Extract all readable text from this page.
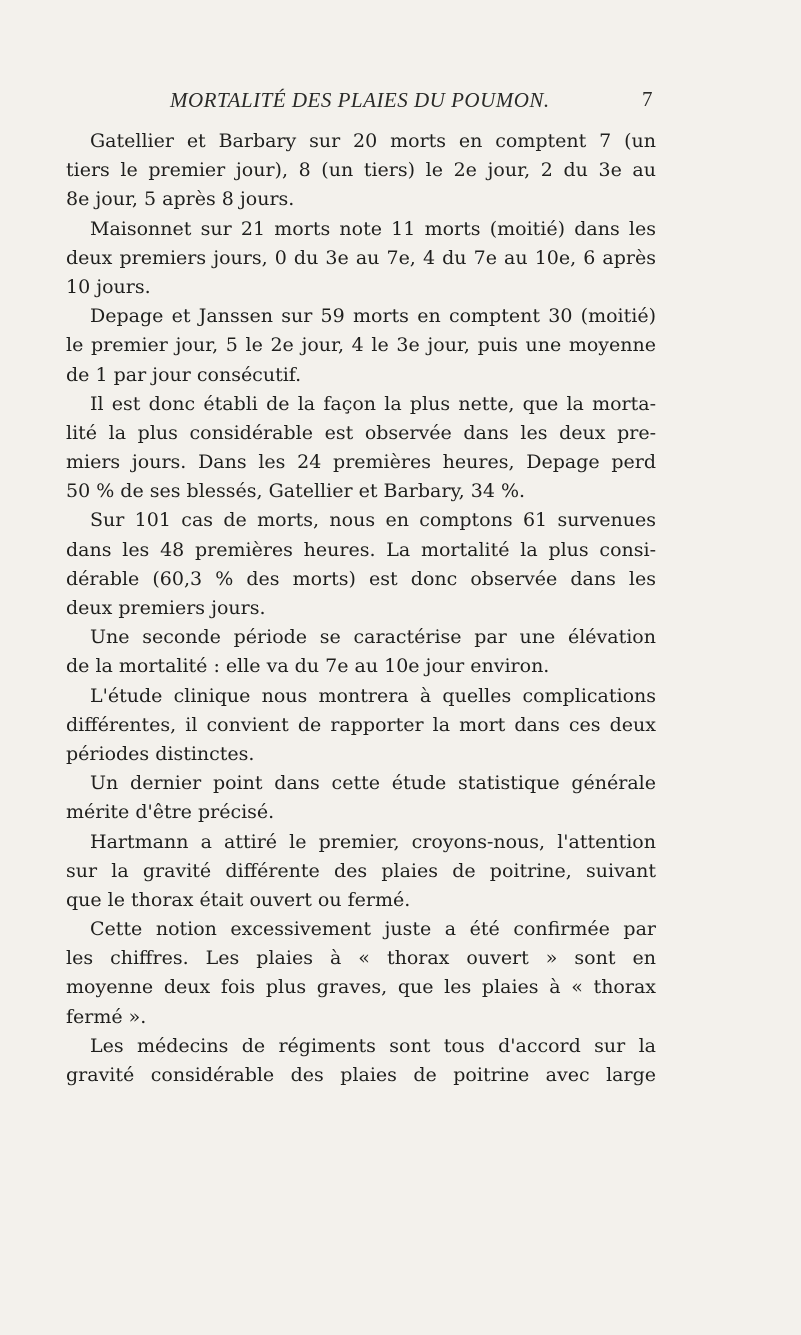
MORTALITÉ DES PLAIES DU POUMON.	7
Gatellier et Barbary sur 20 morts en comptent 7 (un
tiers le premier jour), 8 (un tiers) le 2e jour, 2 du 3e au
8e jour, 5 après 8 jours.
Maisonnet sur 21 morts note 11 morts (moitié) dans les
deux premiers jours, 0 du 3e au 7e, 4 du 7e au 10e, 6 après
10 jours.
Depage et Janssen sur 59 morts en comptent 30 (moitié)
le premier jour, 5 le 2e jour, 4 le 3e jour, puis une moyenne
de 1 par jour consécutif.
Il est donc établi de la façon la plus nette, que la morta-
lité la plus considérable est observée dans les deux pre-
miers jours. Dans les 24 premières heures, Depage perd
50 % de ses blessés, Gatellier et Barbary, 34 %.
Sur 101 cas de morts, nous en comptons 61 survenues
dans les 48 premières heures. La mortalité la plus consi-
dérable (60,3 % des morts) est donc observée dans les
deux premiers jours.
Une seconde période se caractérise par une élévation
de la mortalité : elle va du 7e au 10e jour environ.
L'étude clinique nous montrera à quelles complications
différentes, il convient de rapporter la mort dans ces deux
périodes distinctes.
Un dernier point dans cette étude statistique générale
mérite d'être précisé.
Hartmann a attiré le premier, croyons-nous, l'attention
sur la gravité différente des plaies de poitrine, suivant
que le thorax était ouvert ou fermé.
Cette notion excessivement juste a été confirmée par
les chiffres. Les plaies à « thorax ouvert » sont en
moyenne deux fois plus graves, que les plaies à « thorax
fermé ».
Les médecins de régiments sont tous d'accord sur la
gravité considérable des plaies de poitrine avec large
